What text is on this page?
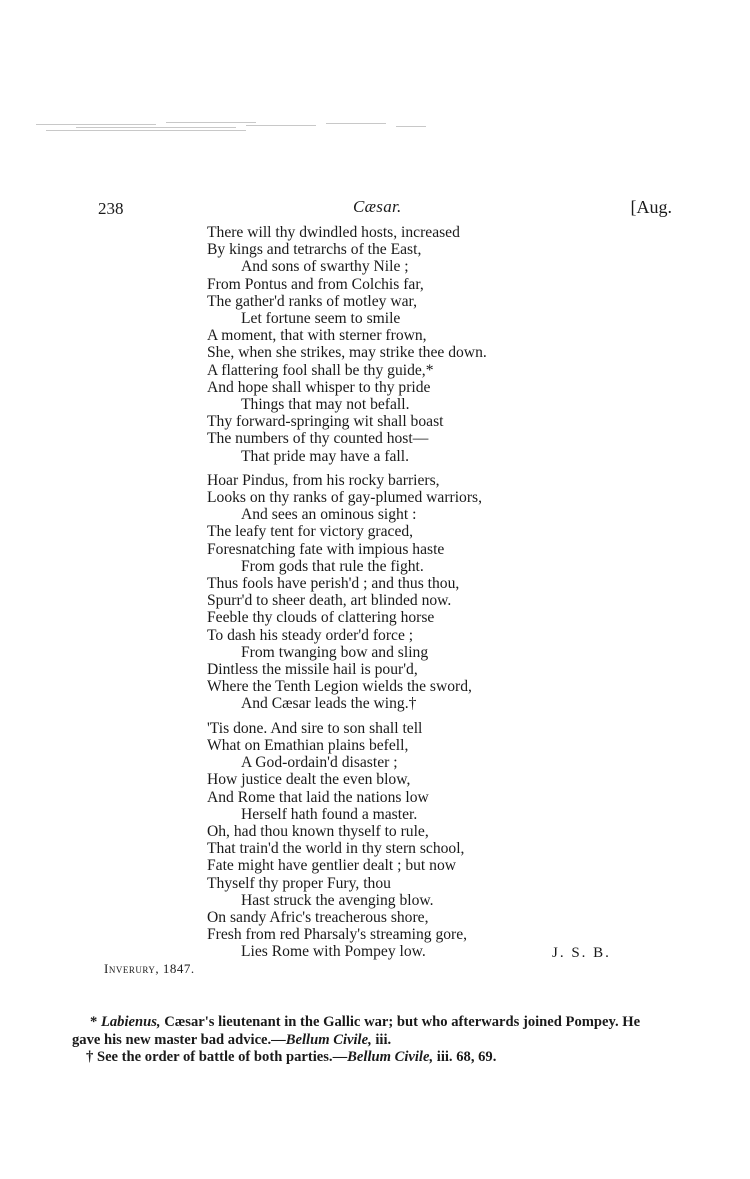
238	Cæsar.	[Aug.
There will thy dwindled hosts, increased
By kings and tetrarchs of the East,
And sons of swarthy Nile ;
From Pontus and from Colchis far,
The gather'd ranks of motley war,
Let fortune seem to smile
A moment, that with sterner frown,
She, when she strikes, may strike thee down.
A flattering fool shall be thy guide,*
And hope shall whisper to thy pride
Things that may not befall.
Thy forward-springing wit shall boast
The numbers of thy counted host—
That pride may have a fall.
Hoar Pindus, from his rocky barriers,
Looks on thy ranks of gay-plumed warriors,
And sees an ominous sight :
The leafy tent for victory graced,
Foresnatching fate with impious haste
From gods that rule the fight.
Thus fools have perish'd ; and thus thou,
Spurr'd to sheer death, art blinded now.
Feeble thy clouds of clattering horse
To dash his steady order'd force ;
From twanging bow and sling
Dintless the missile hail is pour'd,
Where the Tenth Legion wields the sword,
And Cæsar leads the wing.†
'Tis done. And sire to son shall tell
What on Emathian plains befell,
A God-ordain'd disaster ;
How justice dealt the even blow,
And Rome that laid the nations low
Herself hath found a master.
Oh, had thou known thyself to rule,
That train'd the world in thy stern school,
Fate might have gentlier dealt ; but now
Thyself thy proper Fury, thou
Hast struck the avenging blow.
On sandy Afric's treacherous shore,
Fresh from red Pharsaly's streaming gore,
Lies Rome with Pompey low.	J. S. B.
Inverury, 1847.

* Labienus, Cæsar's lieutenant in the Gallic war; but who afterwards joined Pompey. He gave his new master bad advice.—Bellum Civile, iii.

† See the order of battle of both parties.—Bellum Civile, iii. 68, 69.
